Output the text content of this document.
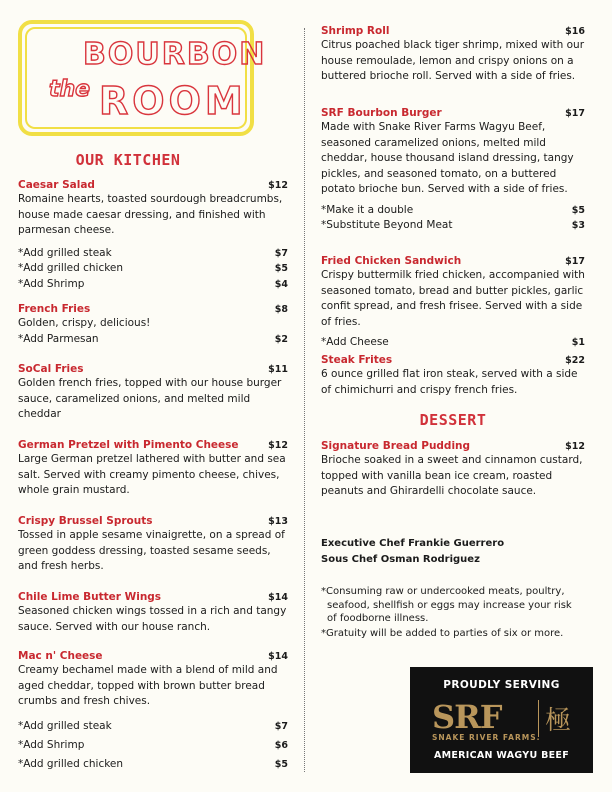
BOURBON
the ROOM
OUR KITCHEN
Caesar Salad	$12
Romaine hearts, toasted sourdough breadcrumbs, house made caesar dressing, and finished with parmesan cheese.
*Add grilled steak	$7
*Add grilled chicken	$5
*Add Shrimp	$4
French Fries	$8
Golden, crispy, delicious!
*Add Parmesan	$2
SoCal Fries	$11
Golden french fries, topped with our house burger sauce, caramelized onions, and melted mild cheddar
German Pretzel with Pimento Cheese	$12
Large German pretzel lathered with butter and sea salt. Served with creamy pimento cheese, chives, whole grain mustard.
Crispy Brussel Sprouts	$13
Tossed in apple sesame vinaigrette, on a spread of green goddess dressing, toasted sesame seeds, and fresh herbs.
Chile Lime Butter Wings	$14
Seasoned chicken wings tossed in a rich and tangy sauce. Served with our house ranch.
Mac n' Cheese	$14
Creamy bechamel made with a blend of mild and aged cheddar, topped with brown butter bread crumbs and fresh chives.
*Add grilled steak	$7
*Add Shrimp	$6
*Add grilled chicken	$5
Shrimp Roll	$16
Citrus poached black tiger shrimp, mixed with our house remoulade, lemon and crispy onions on a buttered brioche roll. Served with a side of fries.
SRF Bourbon Burger	$17
Made with Snake River Farms Wagyu Beef, seasoned caramelized onions, melted mild cheddar, house thousand island dressing, tangy pickles, and seasoned tomato, on a buttered potato brioche bun. Served with a side of fries.
*Make it a double	$5
*Substitute Beyond Meat	$3
Fried Chicken Sandwich	$17
Crispy buttermilk fried chicken, accompanied with seasoned tomato, bread and butter pickles, garlic confit spread, and fresh frisee. Served with a side of fries.
*Add Cheese	$1
Steak Frites	$22
6 ounce grilled flat iron steak, served with a side of chimichurri and crispy french fries.
DESSERT
Signature Bread Pudding	$12
Brioche soaked in a sweet and cinnamon custard, topped with vanilla bean ice cream, roasted peanuts and Ghirardelli chocolate sauce.
Executive Chef Frankie Guerrero
Sous Chef Osman Rodriguez
*Consuming raw or undercooked meats, poultry,
seafood, shellfish or eggs may increase your risk
of foodborne illness.
*Gratuity will be added to parties of six or more.
PROUDLY SERVING
SRF 極
SNAKE RIVER FARMS.
AMERICAN WAGYU BEEF
